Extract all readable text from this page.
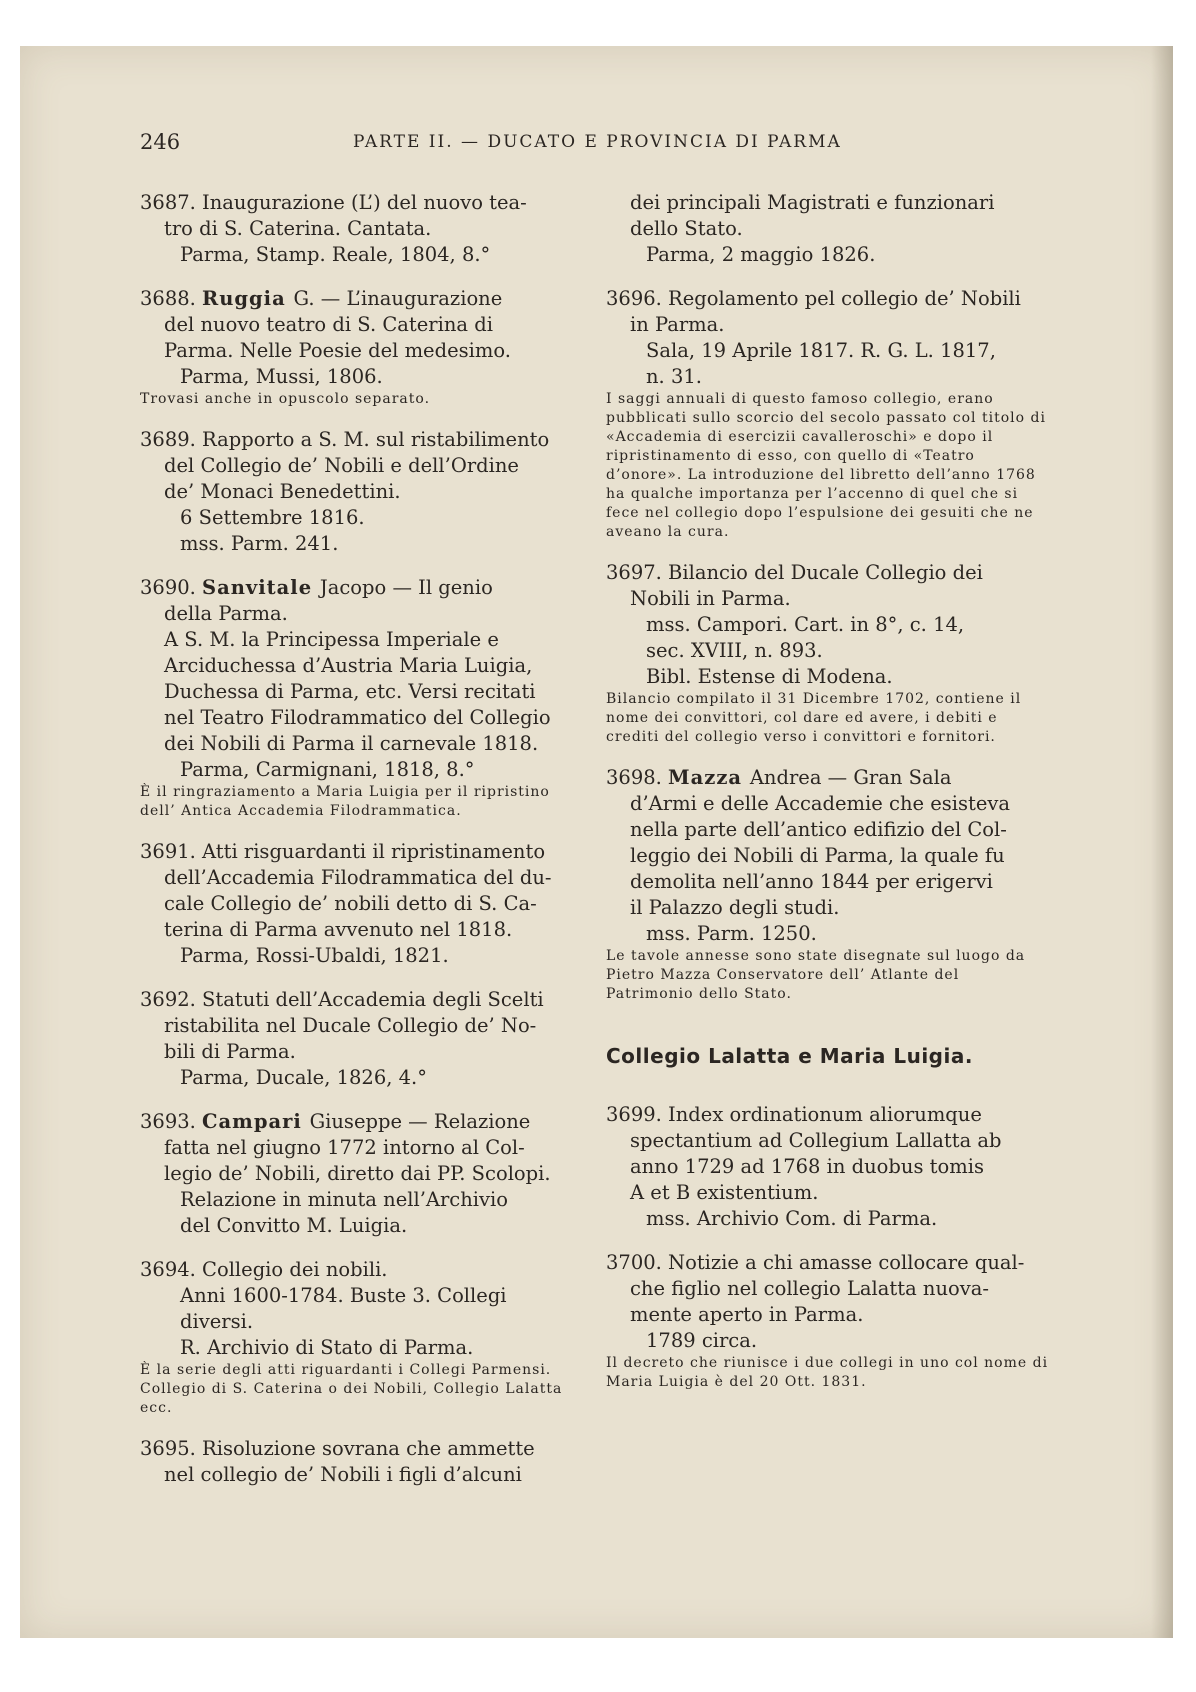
246	PARTE II. — DUCATO E PROVINCIA DI PARMA

3687. Inaugurazione (L’) del nuovo tea-

tro di S. Caterina. Cantata.

Parma, Stamp. Reale, 1804, 8.°

3688. Ruggia G. — L’inaugurazione

del nuovo teatro di S. Caterina di

Parma. Nelle Poesie del medesimo.

Parma, Mussi, 1806.

Trovasi anche in opuscolo separato.

3689. Rapporto a S. M. sul ristabilimento

del Collegio de’ Nobili e dell’Ordine

de’ Monaci Benedettini.

6 Settembre 1816.

mss. Parm. 241.

3690. Sanvitale Jacopo — Il genio

della Parma.

A S. M. la Principessa Imperiale e

Arciduchessa d’Austria Maria Luigia,

Duchessa di Parma, etc. Versi recitati

nel Teatro Filodrammatico del Collegio

dei Nobili di Parma il carnevale 1818.

Parma, Carmignani, 1818, 8.°

È il ringraziamento a Maria Luigia per il ripristino dell’ Antica Accademia Filodrammatica.

3691. Atti risguardanti il ripristinamento

dell’Accademia Filodrammatica del du-

cale Collegio de’ nobili detto di S. Ca-

terina di Parma avvenuto nel 1818.

Parma, Rossi-Ubaldi, 1821.

3692. Statuti dell’Accademia degli Scelti

ristabilita nel Ducale Collegio de’ No-

bili di Parma.

Parma, Ducale, 1826, 4.°

3693. Campari Giuseppe — Relazione

fatta nel giugno 1772 intorno al Col-

legio de’ Nobili, diretto dai PP. Scolopi.

Relazione in minuta nell’Archivio

del Convitto M. Luigia.

3694. Collegio dei nobili.

Anni 1600-1784. Buste 3. Collegi

diversi.

R. Archivio di Stato di Parma.

È la serie degli atti riguardanti i Collegi Parmensi. Collegio di S. Caterina o dei Nobili, Collegio Lalatta ecc.

3695. Risoluzione sovrana che ammette

nel collegio de’ Nobili i figli d’alcuni

dei principali Magistrati e funzionari

dello Stato.

Parma, 2 maggio 1826.

3696. Regolamento pel collegio de’ Nobili

in Parma.

Sala, 19 Aprile 1817. R. G. L. 1817,

n. 31.

I saggi annuali di questo famoso collegio, erano pubblicati sullo scorcio del secolo passato col titolo di «Accademia di esercizii cavalleroschi» e dopo il ripristinamento di esso, con quello di «Teatro d’onore». La introduzione del libretto dell’anno 1768 ha qualche importanza per l’accenno di quel che si fece nel collegio dopo l’espulsione dei gesuiti che ne aveano la cura.

3697. Bilancio del Ducale Collegio dei

Nobili in Parma.

mss. Campori. Cart. in 8°, c. 14,

sec. XVIII, n. 893.

Bibl. Estense di Modena.

Bilancio compilato il 31 Dicembre 1702, contiene il nome dei convittori, col dare ed avere, i debiti e crediti del collegio verso i convittori e fornitori.

3698. Mazza Andrea — Gran Sala

d’Armi e delle Accademie che esisteva

nella parte dell’antico edifizio del Col-

leggio dei Nobili di Parma, la quale fu

demolita nell’anno 1844 per erigervi

il Palazzo degli studi.

mss. Parm. 1250.

Le tavole annesse sono state disegnate sul luogo da Pietro Mazza Conservatore dell’ Atlante del Patrimonio dello Stato.

Collegio Lalatta e Maria Luigia.

3699. Index ordinationum aliorumque

spectantium ad Collegium Lallatta ab

anno 1729 ad 1768 in duobus tomis

A et B existentium.

mss. Archivio Com. di Parma.

3700. Notizie a chi amasse collocare qual-

che figlio nel collegio Lalatta nuova-

mente aperto in Parma.

1789 circa.

Il decreto che riunisce i due collegi in uno col nome di Maria Luigia è del 20 Ott. 1831.
